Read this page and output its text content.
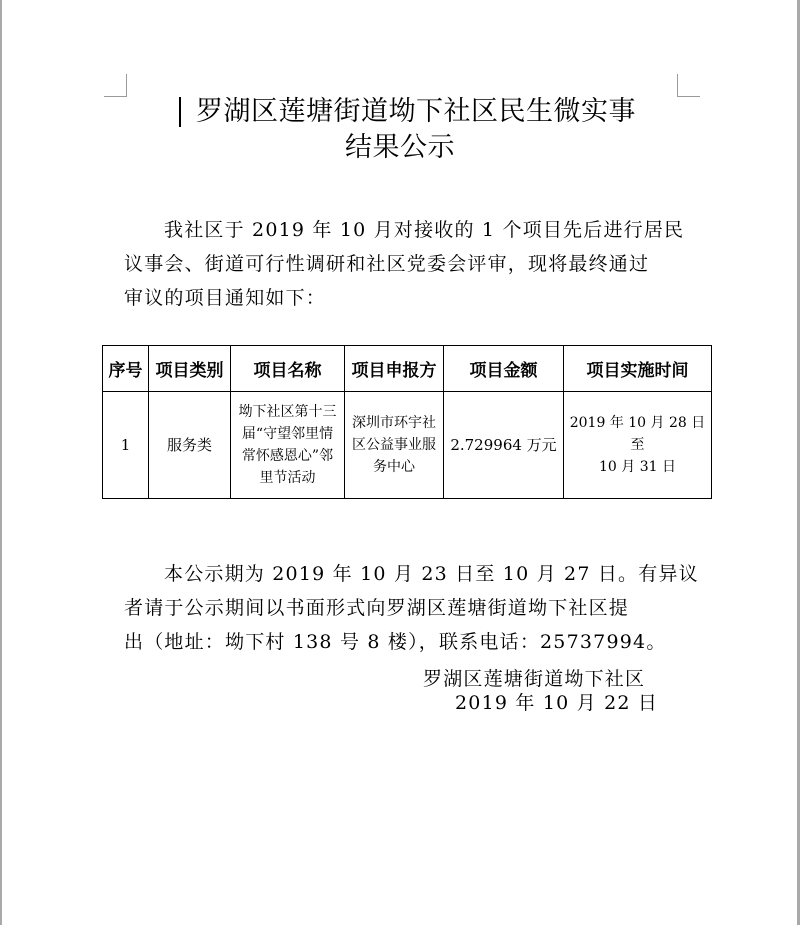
罗湖区莲塘街道坳下社区民生微实事
结果公示
我社区于 2019 年 10 月对接收的 1 个项目先后进行居民
议事会、街道可行性调研和社区党委会评审，现将最终通过
审议的项目通知如下：
序号	项目类别	项目名称	项目申报方	项目金额	项目实施时间
1	服务类	坳下社区第十三
届“守望邻里情
常怀感恩心”邻
里节活动	深圳市环宇社
区公益事业服
务中心	2.729964 万元	2019 年 10 月 28 日至
10 月 31 日
本公示期为 2019 年 10 月 23 日至 10 月 27 日。有异议
者请于公示期间以书面形式向罗湖区莲塘街道坳下社区提
出（地址：坳下村 138 号 8 楼），联系电话：25737994。
罗湖区莲塘街道坳下社区
2019 年 10 月 22 日
